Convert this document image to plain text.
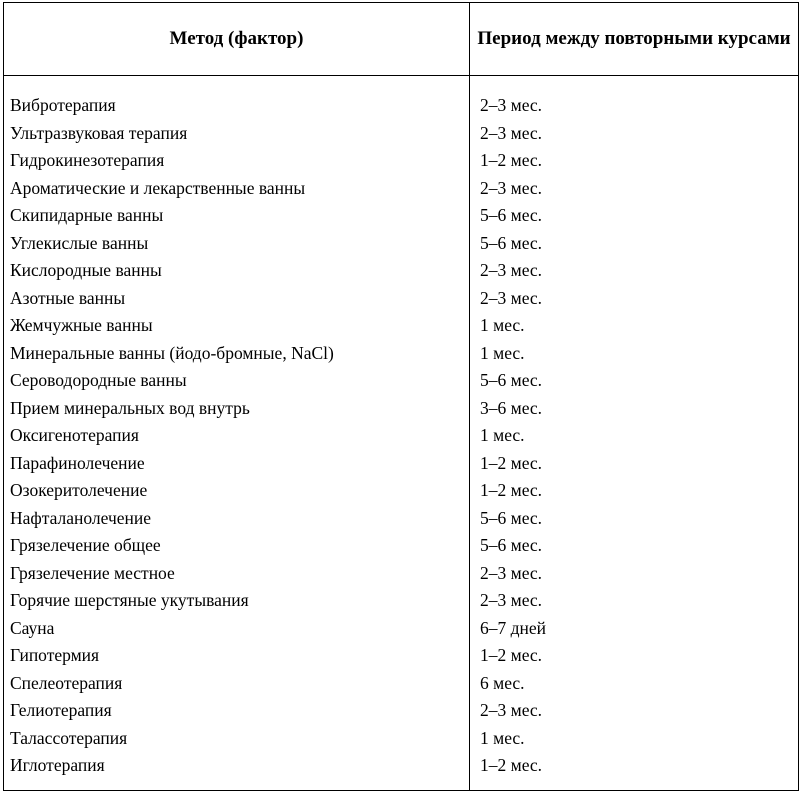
Метод (фактор)	Период между повторными курсами
Вибротерапия	2–3 мес.
Ультразвуковая терапия	2–3 мес.
Гидрокинезотерапия	1–2 мес.
Ароматические и лекарственные ванны	2–3 мес.
Скипидарные ванны	5–6 мес.
Углекислые ванны	5–6 мес.
Кислородные ванны	2–3 мес.
Азотные ванны	2–3 мес.
Жемчужные ванны	1 мес.
Минеральные ванны (йодо-бромные, NaCl)	1 мес.
Сероводородные ванны	5–6 мес.
Прием минеральных вод внутрь	3–6 мес.
Оксигенотерапия	1 мес.
Парафинолечение	1–2 мес.
Озокеритолечение	1–2 мес.
Нафталанолечение	5–6 мес.
Грязелечение общее	5–6 мес.
Грязелечение местное	2–3 мес.
Горячие шерстяные укутывания	2–3 мес.
Сауна	6–7 дней
Гипотермия	1–2 мес.
Спелеотерапия	6 мес.
Гелиотерапия	2–3 мес.
Талассотерапия	1 мес.
Иглотерапия	1–2 мес.
